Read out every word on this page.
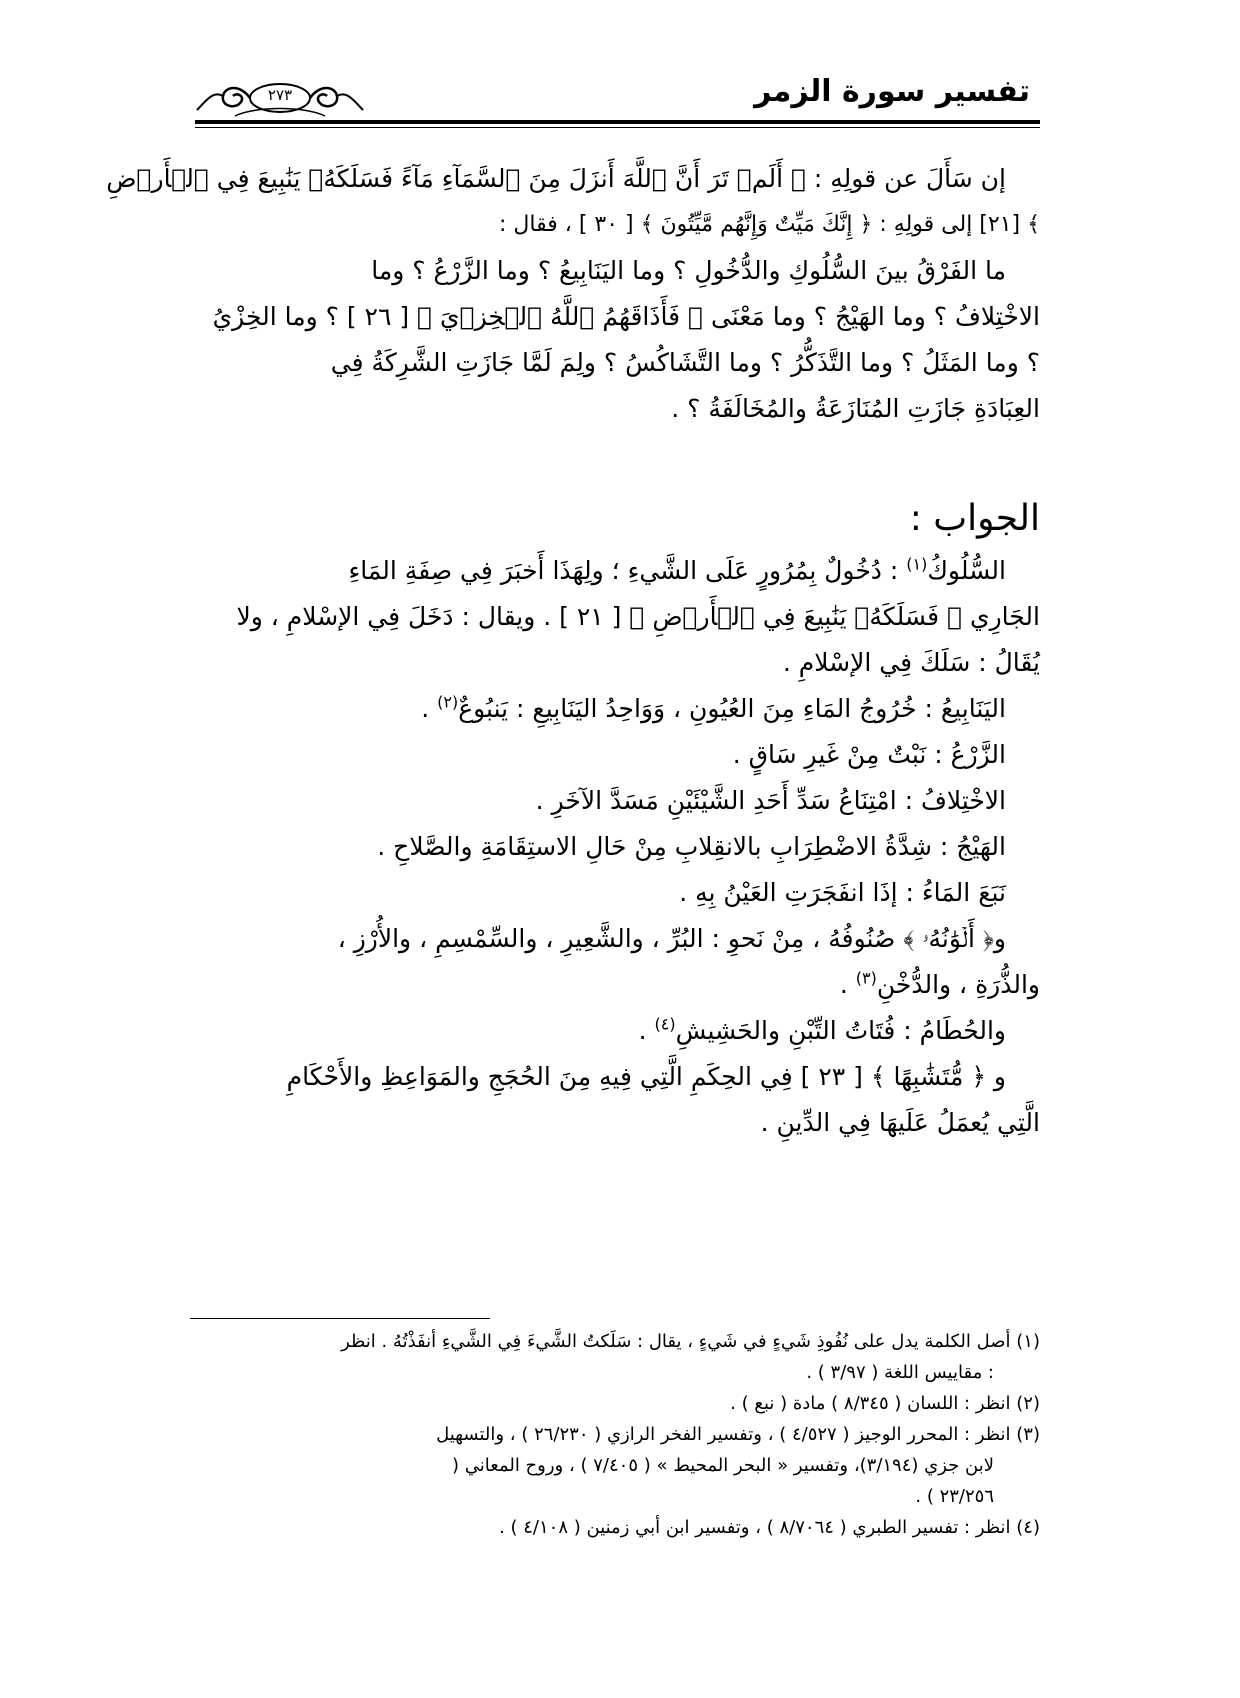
تفسير سورة الزمر
٢٧٣
إن سَأَلَ عن قولِهِ : ﴿ أَلَمۡ تَرَ أَنَّ ٱللَّهَ أَنزَلَ مِنَ ٱلسَّمَآءِ مَآءً فَسَلَكَهُۥ يَنَٰبِيعَ فِي ٱلۡأَرۡضِ
﴾ [٢١] إلى قولِهِ : ﴿ إِنَّكَ مَيِّتٌ وَإِنَّهُم مَّيِّتُونَ ﴾ [ ٣٠ ] ، فقال :
ما الفَرْقُ بينَ السُّلُوكِ والدُّخُولِ ؟ وما اليَنَابِيعُ ؟ وما الزَّرْعُ ؟ وما
الاخْتِلافُ ؟ وما الهَيْجُ ؟ وما مَعْنَى ﴿ فَأَذَاقَهُمُ ٱللَّهُ ٱلۡخِزۡيَ ﴾ [ ٢٦ ] ؟ وما الخِزْيُ
؟ وما المَثَلُ ؟ وما التَّذَكُّرُ ؟ وما التَّشَاكُسُ ؟ ولِمَ لَمَّا جَازَتِ الشَّرِكَةُ فِي
العِبَادَةِ جَازَتِ المُنَازَعَةُ والمُخَالَفَةُ ؟ .
الجواب :
السُّلُوكُ$^{(١)}$ : دُخُولٌ بِمُرُورٍ عَلَى الشَّيءِ ؛ ولِهَذَا أَخبَرَ فِي صِفَةِ المَاءِ
الجَارِي ﴿ فَسَلَكَهُۥ يَنَٰبِيعَ فِي ٱلۡأَرۡضِ ﴾ [ ٢١ ] . ويقال : دَخَلَ فِي الإسْلامِ ، ولا
يُقَالُ : سَلَكَ فِي الإسْلامِ .
اليَنَابِيعُ : خُرُوجُ المَاءِ مِنَ العُيُونِ ، وَوَاحِدُ اليَنَابِيعِ : يَنبُوعٌ$^{(٢)}$ .
الزَّرْعُ : نَبْتٌ مِنْ غَيرِ سَاقٍ .
الاخْتِلافُ : امْتِنَاعُ سَدِّ أَحَدِ الشَّيْئَيْنِ مَسَدَّ الآخَرِ .
الهَيْجُ : شِدَّةُ الاضْطِرَابِ بالانقِلابِ مِنْ حَالِ الاستِقَامَةِ والصَّلاحِ .
نَبَعَ المَاءُ : إذَا انفَجَرَتِ العَيْنُ بِهِ .
و﴿ أَلۡوَٰنُهُۥ ﴾ صُنُوفُهُ ، مِنْ نَحوِ : البُرِّ ، والشَّعِيرِ ، والسِّمْسِمِ ، والأُرْزِ ،
والذُّرَةِ ، والدُّخْنِ$^{(٣)}$ .
والحُطَامُ : فُتَاتُ التِّبْنِ والحَشِيشِ$^{(٤)}$ .
و ﴿ مُّتَشَٰبِهًا ﴾ [ ٢٣ ] فِي الحِكَمِ الَّتِي فِيهِ مِنَ الحُجَجِ والمَوَاعِظِ والأَحْكَامِ
الَّتِي يُعمَلُ عَلَيهَا فِي الدِّينِ .
(١) أصل الكلمة يدل على نُفُوذِ شَيءٍ في شَيءٍ ، يقال : سَلَكتُ الشَّيءَ فِي الشَّيءِ أنفَذْتُهُ . انظر
: مقاييس اللغة ( ٣/٩٧ ) .
(٢) انظر : اللسان ( ٨/٣٤٥ ) مادة ( نبع ) .
(٣) انظر : المحرر الوجيز ( ٤/٥٢٧ ) ، وتفسير الفخر الرازي ( ٢٦/٢٣٠ ) ، والتسهيل
لابن جزي (٣/١٩٤)، وتفسير « البحر المحيط » ( ٧/٤٠٥ ) ، وروح المعاني (
٢٣/٢٥٦ ) .
(٤) انظر : تفسير الطبري ( ٨/٧٠٦٤ ) ، وتفسير ابن أبي زمنين ( ٤/١٠٨ ) .
